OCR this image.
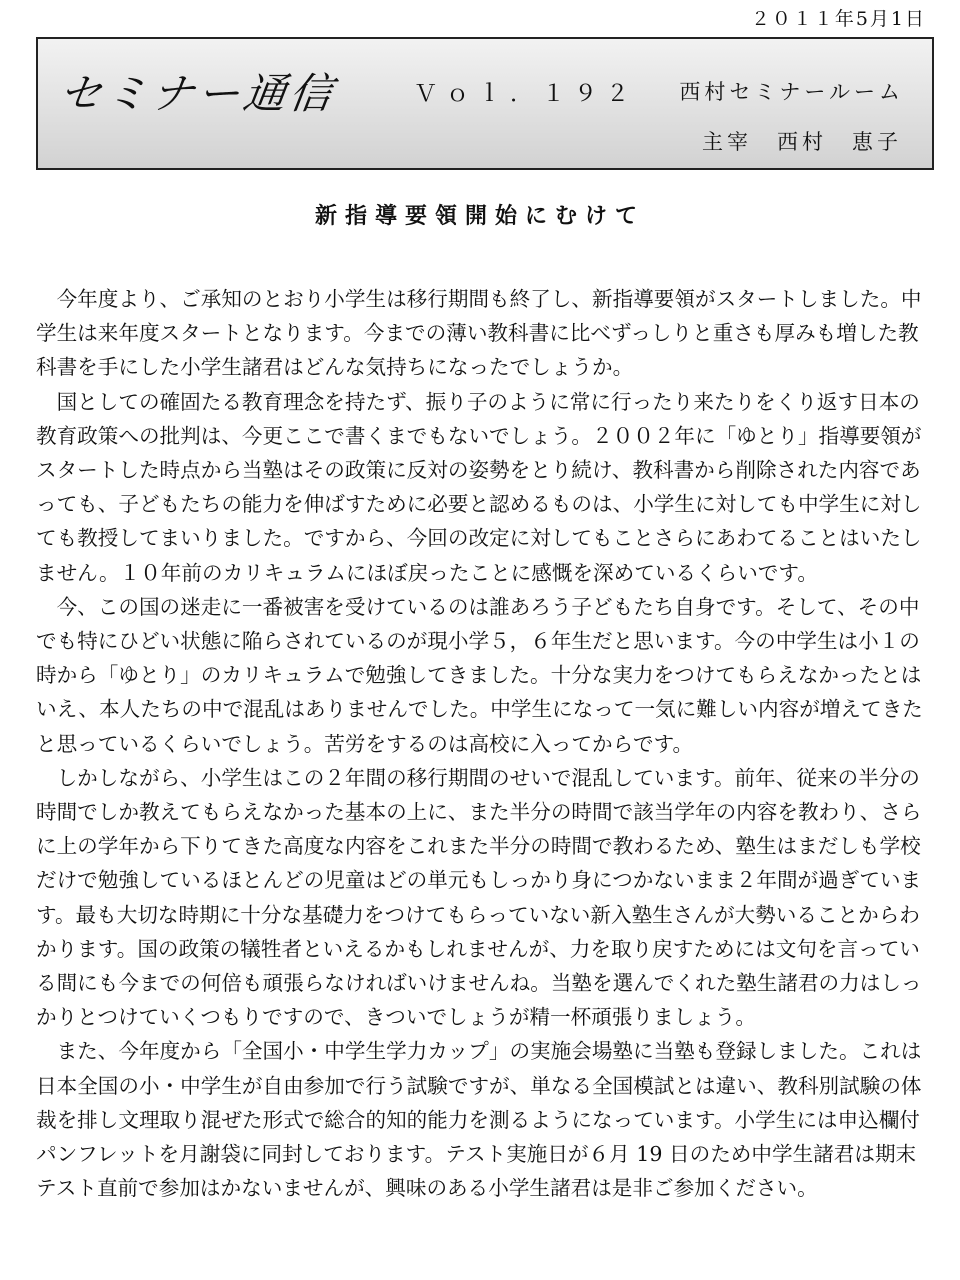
２０１１年5月1日
セミナー通信	Ｖｏｌ．１９２ 西村セミナールーム
主宰　西村　恵子
新指導要領開始にむけて

今年度より、ご承知のとおり小学生は移行期間も終了し、新指導要領がスタートしました。中学生は来年度スタートとなります。今までの薄い教科書に比べずっしりと重さも厚みも増した教科書を手にした小学生諸君はどんな気持ちになったでしょうか。

国としての確固たる教育理念を持たず、振り子のように常に行ったり来たりをくり返す日本の教育政策への批判は、今更ここで書くまでもないでしょう。２００２年に「ゆとり」指導要領がスタートした時点から当塾はその政策に反対の姿勢をとり続け、教科書から削除された内容であっても、子どもたちの能力を伸ばすために必要と認めるものは、小学生に対しても中学生に対しても教授してまいりました。ですから、今回の改定に対してもことさらにあわてることはいたしません。１０年前のカリキュラムにほぼ戻ったことに感慨を深めているくらいです。

今、この国の迷走に一番被害を受けているのは誰あろう子どもたち自身です。そして、その中でも特にひどい状態に陥らされているのが現小学５，６年生だと思います。今の中学生は小１の時から「ゆとり」のカリキュラムで勉強してきました。十分な実力をつけてもらえなかったとはいえ、本人たちの中で混乱はありませんでした。中学生になって一気に難しい内容が増えてきたと思っているくらいでしょう。苦労をするのは高校に入ってからです。

しかしながら、小学生はこの２年間の移行期間のせいで混乱しています。前年、従来の半分の時間でしか教えてもらえなかった基本の上に、また半分の時間で該当学年の内容を教わり、さらに上の学年から下りてきた高度な内容をこれまた半分の時間で教わるため、塾生はまだしも学校だけで勉強しているほとんどの児童はどの単元もしっかり身につかないまま２年間が過ぎています。最も大切な時期に十分な基礎力をつけてもらっていない新入塾生さんが大勢いることからわかります。国の政策の犠牲者といえるかもしれませんが、力を取り戻すためには文句を言っている間にも今までの何倍も頑張らなければいけませんね。当塾を選んでくれた塾生諸君の力はしっかりとつけていくつもりですので、きついでしょうが精一杯頑張りましょう。

また、今年度から「全国小・中学生学力カップ」の実施会場塾に当塾も登録しました。これは日本全国の小・中学生が自由参加で行う試験ですが、単なる全国模試とは違い、教科別試験の体裁を排し文理取り混ぜた形式で総合的知的能力を測るようになっています。小学生には申込欄付パンフレットを月謝袋に同封しております。テスト実施日が６月 19 日のため中学生諸君は期末テスト直前で参加はかないませんが、興味のある小学生諸君は是非ご参加ください。
